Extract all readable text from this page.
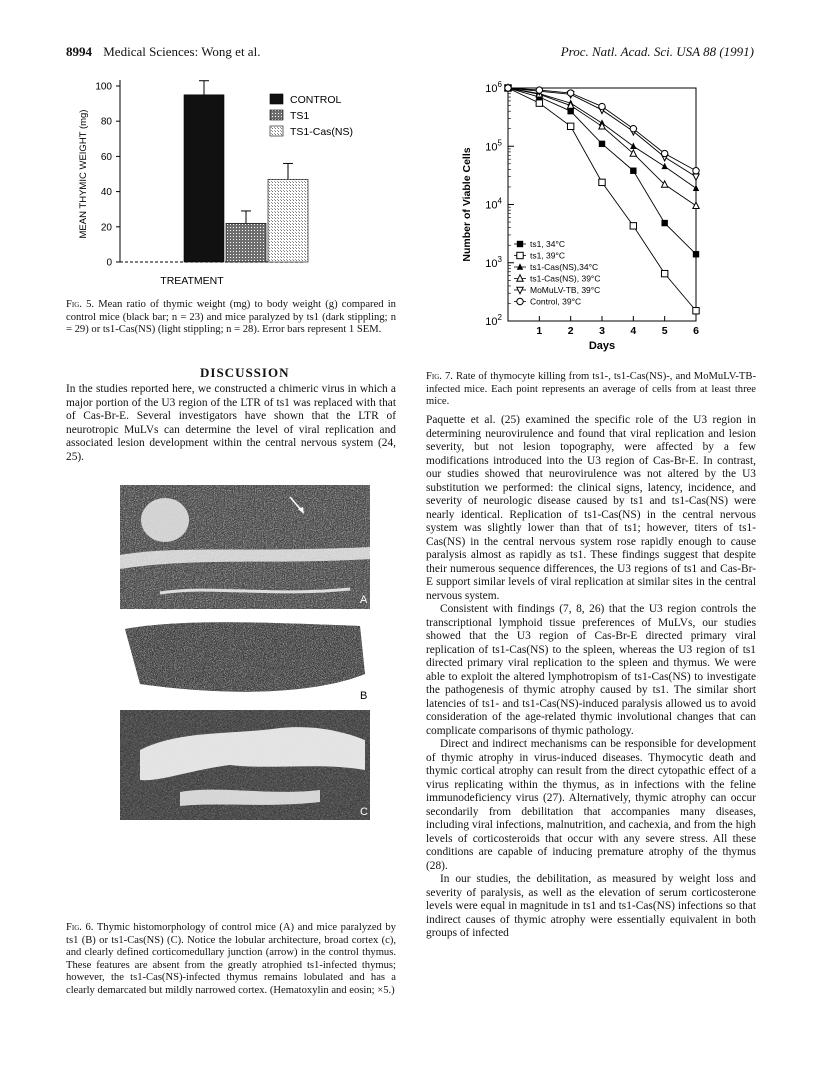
8994 Medical Sciences: Wong et al.	Proc. Natl. Acad. Sci. USA 88 (1991)
0
20
40
60
80
100
MEAN THYMIC WEIGHT (mg)
TREATMENT
CONTROL
TS1
TS1-Cas(NS)
Fig. 5. Mean ratio of thymic weight (mg) to body weight (g) compared in control mice (black bar; n = 23) and mice paralyzed by ts1 (dark stippling; n = 29) or ts1-Cas(NS) (light stippling; n = 28). Error bars represent 1 SEM.
DISCUSSION

In the studies reported here, we constructed a chimeric virus in which a major portion of the U3 region of the LTR of ts1 was replaced with that of Cas-Br-E. Several investigators have shown that the LTR of neurotropic MuLVs can determine the level of viral replication and associated lesion development within the central nervous system (24, 25).

A
B
C
Fig. 6. Thymic histomorphology of control mice (A) and mice paralyzed by ts1 (B) or ts1-Cas(NS) (C). Notice the lobular architecture, broad cortex (c), and clearly defined corticomedullary junction (arrow) in the control thymus. These features are absent from the greatly atrophied ts1-infected thymus; however, the ts1-Cas(NS)-infected thymus remains lobulated and has a clearly demarcated but mildly narrowed cortex. (Hematoxylin and eosin; ×5.)
$10^2$
$10^3$
$10^4$
$10^5$
$10^6$
1 2 3 4 5 6
Days
Number of Viable Cells	ts1, 34°C
ts1, 39°C
ts1-Cas(NS),34°C
ts1-Cas(NS), 39°C
MoMuLV-TB, 39°C
Control, 39°C
Fig. 7. Rate of thymocyte killing from ts1-, ts1-Cas(NS)-, and MoMuLV-TB-infected mice. Each point represents an average of cells from at least three mice.

Paquette et al. (25) examined the specific role of the U3 region in determining neurovirulence and found that viral replication and lesion severity, but not lesion topography, were affected by a few modifications introduced into the U3 region of Cas-Br-E. In contrast, our studies showed that neurovirulence was not altered by the U3 substitution we performed: the clinical signs, latency, incidence, and severity of neurologic disease caused by ts1 and ts1-Cas(NS) were nearly identical. Replication of ts1-Cas(NS) in the central nervous system was slightly lower than that of ts1; however, titers of ts1-Cas(NS) in the central nervous system rose rapidly enough to cause paralysis almost as rapidly as ts1. These findings suggest that despite their numerous sequence differences, the U3 regions of ts1 and Cas-Br-E support similar levels of viral replication at similar sites in the central nervous system.

Consistent with findings (7, 8, 26) that the U3 region controls the transcriptional lymphoid tissue preferences of MuLVs, our studies showed that the U3 region of Cas-Br-E directed primary viral replication of ts1-Cas(NS) to the spleen, whereas the U3 region of ts1 directed primary viral replication to the spleen and thymus. We were able to exploit the altered lymphotropism of ts1-Cas(NS) to investigate the pathogenesis of thymic atrophy caused by ts1. The similar short latencies of ts1- and ts1-Cas(NS)-induced paralysis allowed us to avoid consideration of the age-related thymic involutional changes that can complicate comparisons of thymic pathology.

Direct and indirect mechanisms can be responsible for development of thymic atrophy in virus-induced diseases. Thymocytic death and thymic cortical atrophy can result from the direct cytopathic effect of a virus replicating within the thymus, as in infections with the feline immunodeficiency virus (27). Alternatively, thymic atrophy can occur secondarily from debilitation that accompanies many diseases, including viral infections, malnutrition, and cachexia, and from the high levels of corticosteroids that occur with any severe stress. All these conditions are capable of inducing premature atrophy of the thymus (28).

In our studies, the debilitation, as measured by weight loss and severity of paralysis, as well as the elevation of serum corticosterone levels were equal in magnitude in ts1 and ts1-Cas(NS) infections so that indirect causes of thymic atrophy were essentially equivalent in both groups of infected
